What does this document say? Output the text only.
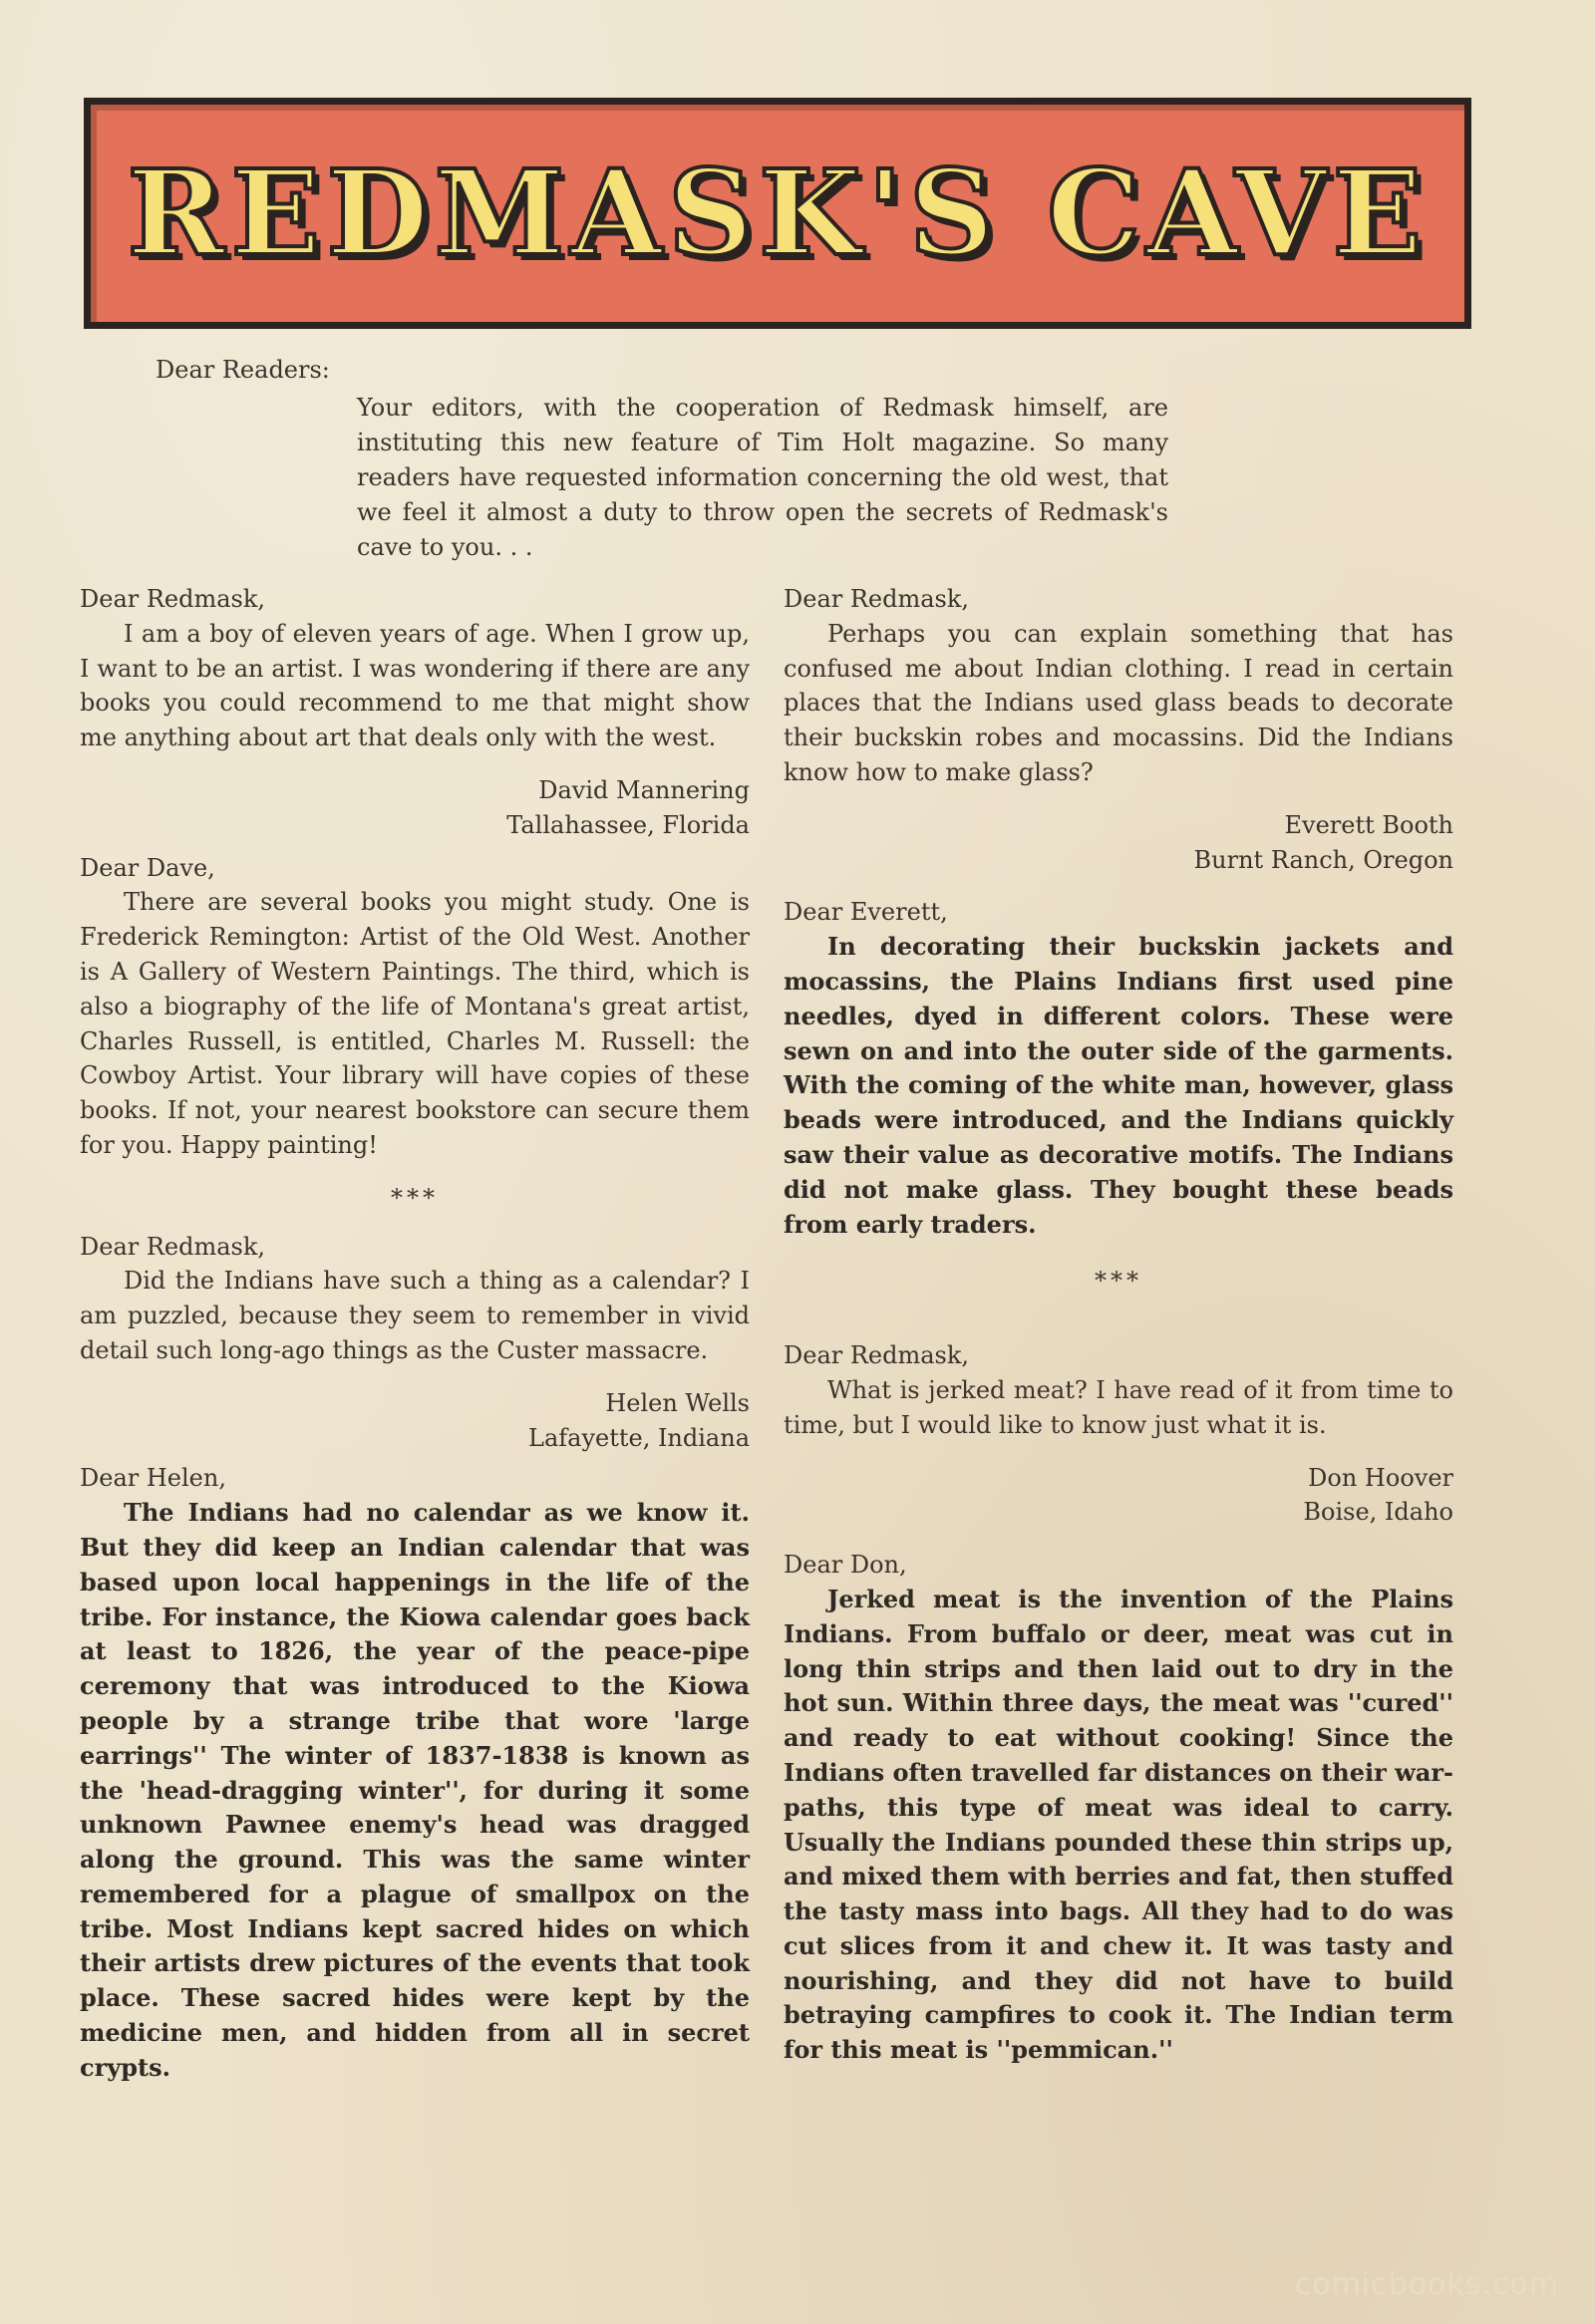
REDMASK'S CAVE
Dear Readers:
Your editors, with the cooperation of Redmask himself, are instituting this new feature of Tim Holt magazine. So many readers have requested information concerning the old west, that we feel it almost a duty to throw open the secrets of Redmask's cave to you. . .

Dear Redmask,

I am a boy of eleven years of age. When I grow up, I want to be an artist. I was wondering if there are any books you could recommend to me that might show me anything about art that deals only with the west.

David Mannering

Tallahassee, Florida

Dear Dave,

There are several books you might study. One is Frederick Remington: Artist of the Old West. Another is A Gallery of Western Paintings. The third, which is also a biography of the life of Montana's great artist, Charles Russell, is entitled, Charles M. Russell: the Cowboy Artist. Your library will have copies of these books. If not, your nearest bookstore can secure them for you. Happy painting!

***

Dear Redmask,

Did the Indians have such a thing as a calendar? I am puzzled, because they seem to remember in vivid detail such long-ago things as the Custer massacre.

Helen Wells

Lafayette, Indiana

Dear Helen,

The Indians had no calendar as we know it. But they did keep an Indian calendar that was based upon local happenings in the life of the tribe. For instance, the Kiowa calendar goes back at least to 1826, the year of the peace-pipe ceremony that was introduced to the Kiowa people by a strange tribe that wore 'large earrings'' The winter of 1837-1838 is known as the 'head-dragging winter'', for during it some unknown Pawnee enemy's head was dragged along the ground. This was the same winter remembered for a plague of smallpox on the tribe. Most Indians kept sacred hides on which their artists drew pictures of the events that took place. These sacred hides were kept by the medicine men, and hidden from all in secret crypts.

Dear Redmask,

Perhaps you can explain something that has confused me about Indian clothing. I read in certain places that the Indians used glass beads to decorate their buckskin robes and mocassins. Did the Indians know how to make glass?

Everett Booth

Burnt Ranch, Oregon

Dear Everett,

In decorating their buckskin jackets and mocassins, the Plains Indians first used pine needles, dyed in different colors. These were sewn on and into the outer side of the garments. With the coming of the white man, however, glass beads were introduced, and the Indians quickly saw their value as decorative motifs. The Indians did not make glass. They bought these beads from early traders.

***

Dear Redmask,

What is jerked meat? I have read of it from time to time, but I would like to know just what it is.

Don Hoover

Boise, Idaho

Dear Don,

Jerked meat is the invention of the Plains Indians. From buffalo or deer, meat was cut in long thin strips and then laid out to dry in the hot sun. Within three days, the meat was ''cured'' and ready to eat without cooking! Since the Indians often travelled far distances on their war-paths, this type of meat was ideal to carry. Usually the Indians pounded these thin strips up, and mixed them with berries and fat, then stuffed the tasty mass into bags. All they had to do was cut slices from it and chew it. It was tasty and nourishing, and they did not have to build betraying campfires to cook it. The Indian term for this meat is ''pemmican.''

comicbooks.com
